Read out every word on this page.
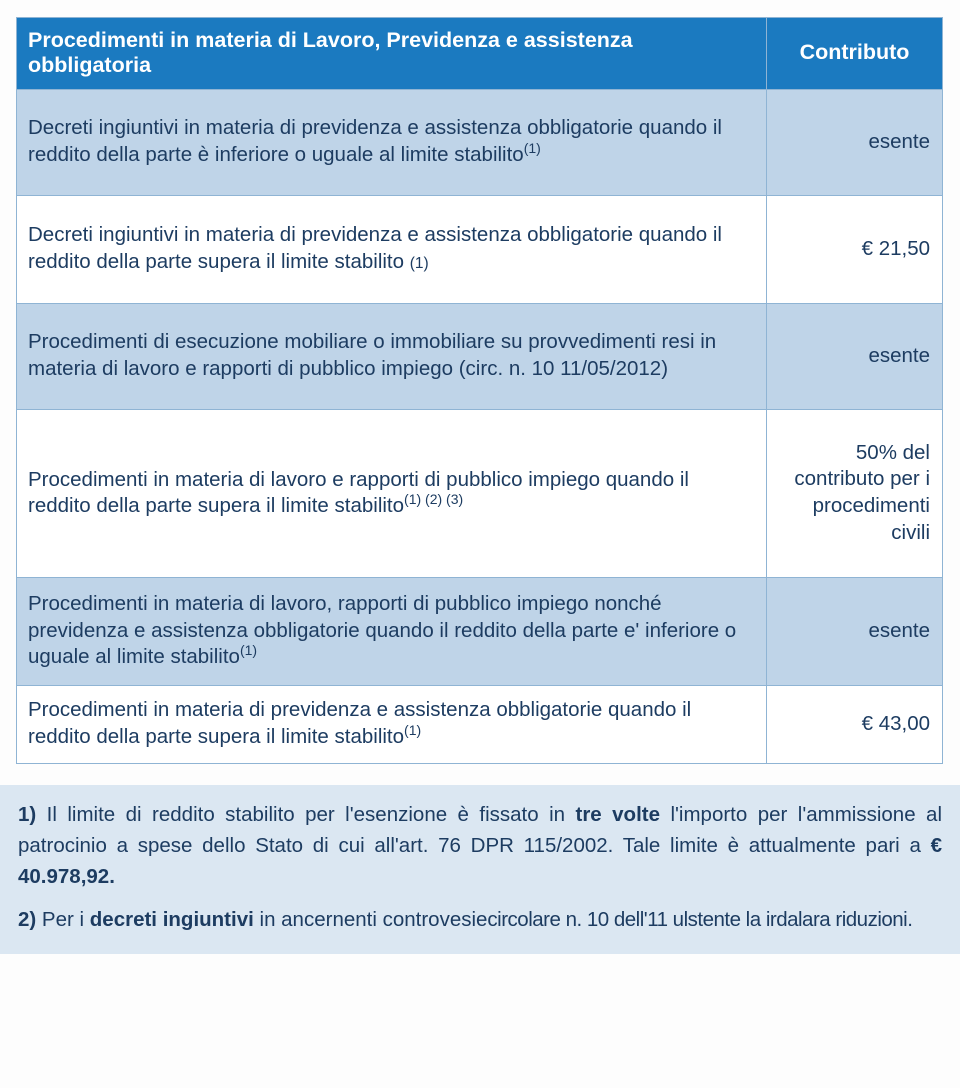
Procedimenti in materia di Lavoro, Previdenza e assistenza obbligatoria	Contributo
Decreti ingiuntivi in materia di previdenza e assistenza obbligatorie quando il reddito della parte è inferiore o uguale al limite stabilito$^{(1)}$	esente
Decreti ingiuntivi in materia di previdenza e assistenza obbligatorie quando il reddito della parte supera il limite stabilito (1)	€ 21,50
Procedimenti di esecuzione mobiliare o immobiliare su provvedimenti resi in materia di lavoro e rapporti di pubblico impiego (circ. n. 10 11/05/2012)	esente
Procedimenti in materia di lavoro e rapporti di pubblico impiego quando il reddito della parte supera il limite stabilito$^{(1) (2) (3)}$	50% del contributo per i procedimenti civili
Procedimenti in materia di lavoro, rapporti di pubblico impiego nonché previdenza e assistenza obbligatorie quando il reddito della parte e' inferiore o uguale al limite stabilito$^{(1)}$	esente
Procedimenti in materia di previdenza e assistenza obbligatorie quando il reddito della parte supera il limite stabilito$^{(1)}$	€ 43,00

1) Il limite di reddito stabilito per l'esenzione è fissato in tre volte l'importo per l'ammissione al patrocinio a spese dello Stato di cui all'art. 76 DPR 115/2002. Tale limite è attualmente pari a € 40.978,92.

2) Per i decreti ingiuntivi in ancernenti controvesiecircolare n. 10 dell'11 ulstente la irdalara riduzioni.
